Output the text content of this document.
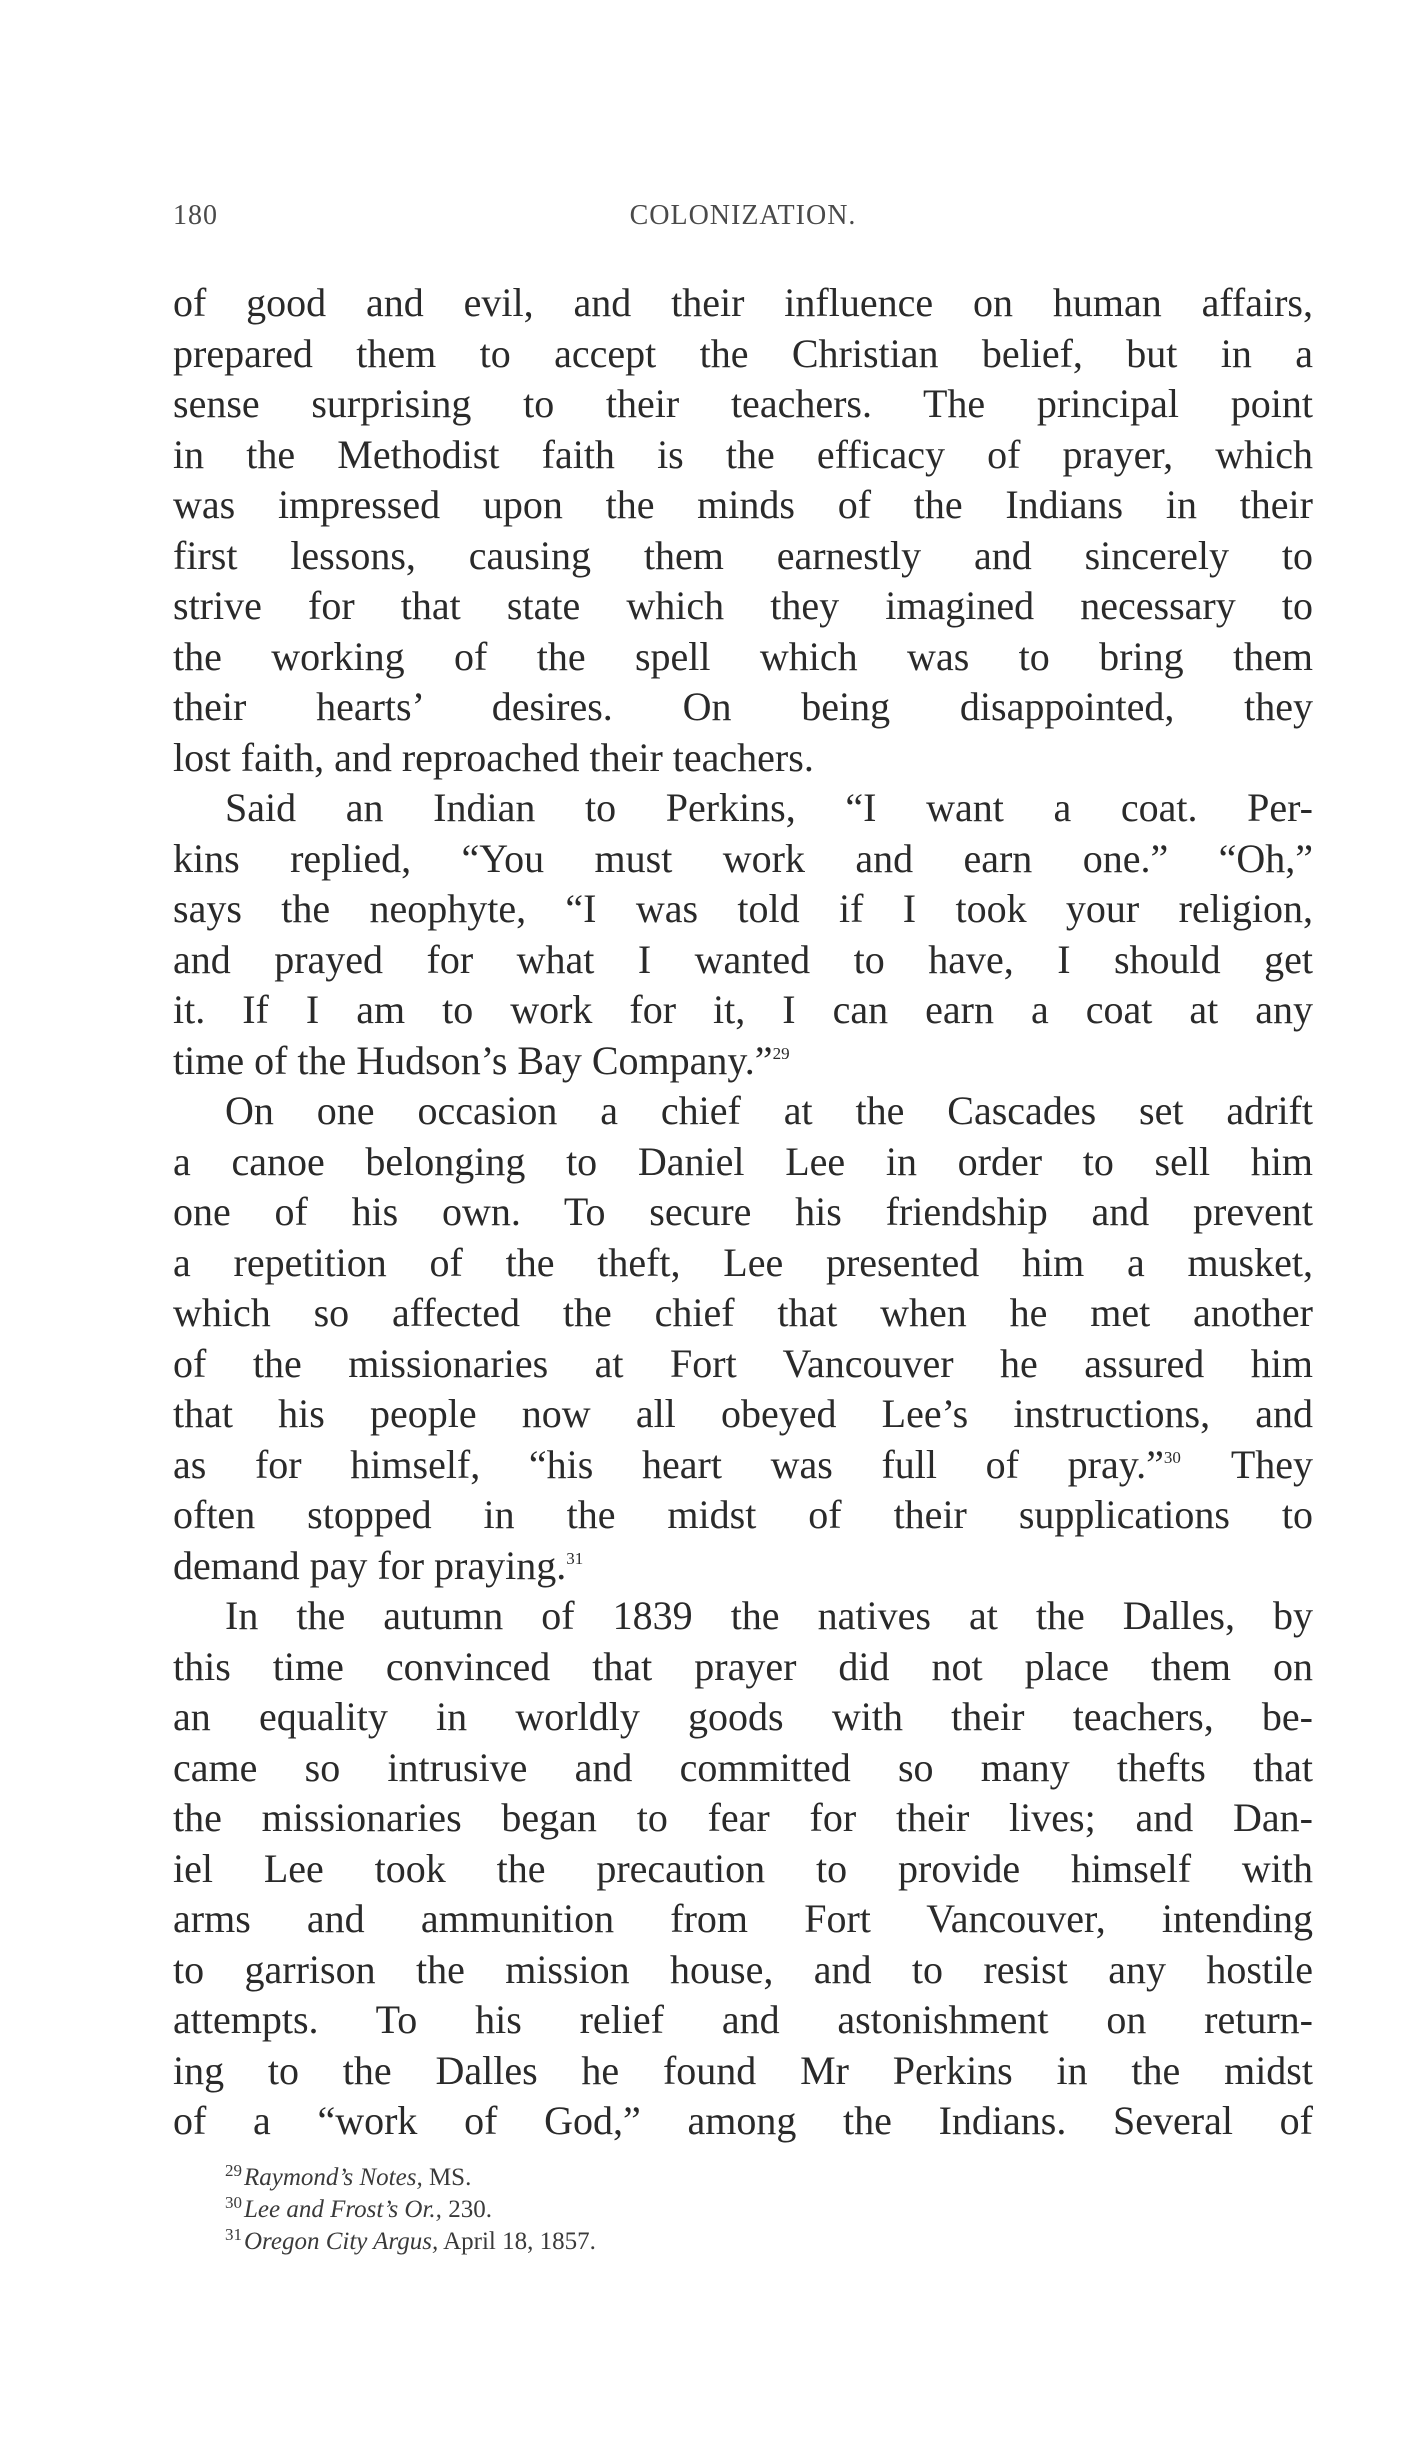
180	COLONIZATION.
of good and evil, and their influence on human affairs,
prepared them to accept the Christian belief, but in a
sense surprising to their teachers. The principal point
in the Methodist faith is the efficacy of prayer, which
was impressed upon the minds of the Indians in their
first lessons, causing them earnestly and sincerely to
strive for that state which they imagined necessary to
the working of the spell which was to bring them
their hearts’ desires. On being disappointed, they
lost faith, and reproached their teachers.
Said an Indian to Perkins, “I want a coat. Per-
kins replied, “You must work and earn one.” “Oh,”
says the neophyte, “I was told if I took your religion,
and prayed for what I wanted to have, I should get
it. If I am to work for it, I can earn a coat at any
time of the Hudson’s Bay Company.”$^{29}$
On one occasion a chief at the Cascades set adrift
a canoe belonging to Daniel Lee in order to sell him
one of his own. To secure his friendship and prevent
a repetition of the theft, Lee presented him a musket,
which so affected the chief that when he met another
of the missionaries at Fort Vancouver he assured him
that his people now all obeyed Lee’s instructions, and
as for himself, “his heart was full of pray.”$^{30}$ They
often stopped in the midst of their supplications to
demand pay for praying.$^{31}$
In the autumn of 1839 the natives at the Dalles, by
this time convinced that prayer did not place them on
an equality in worldly goods with their teachers, be-
came so intrusive and committed so many thefts that
the missionaries began to fear for their lives; and Dan-
iel Lee took the precaution to provide himself with
arms and ammunition from Fort Vancouver, intending
to garrison the mission house, and to resist any hostile
attempts. To his relief and astonishment on return-
ing to the Dalles he found Mr Perkins in the midst
of a “work of God,” among the Indians. Several of
$^{29}$Raymond’s Notes, MS.
$^{30}$Lee and Frost’s Or., 230.
$^{31}$Oregon City Argus, April 18, 1857.
